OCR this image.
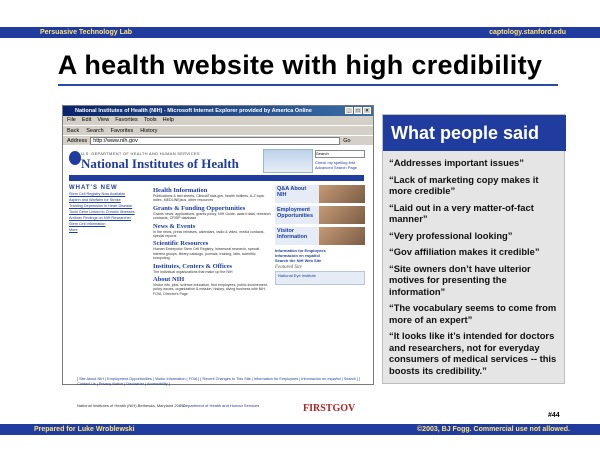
Persuasive Technology Lab	captology.stanford.edu
A health website with high credibility
National Institutes of Health (NIH) - Microsoft Internet Explorer provided by America Online	_	□	×
File Edit View Favorites Tools Help
Back Search Favorites History
Address	http://www.nih.gov	Go
U.S. DEPARTMENT OF HEALTH AND HUMAN SERVICES
National Institutes of Health
Search
Check my spelling first
Advanced Search Page
WHAT'S NEW
Stem Cell Registry Now Available
Aspirin and Warfarin for Stroke
Treating Depression in Heart Disease
Toxin Gene Linked to Chronic Illnesses
Anthrax Findings on NIH Researcher
Stem Cell Information
More
Health Information
Publications & fact sheets, ClinicalTrials.gov, health hotlines, A-Z topic index, MEDLINEplus, other resources
Grants & Funding Opportunities
Grants news, applications, grants policy, NIH Guide, award data, research contracts, CRISP database
News & Events
In the news, press releases, calendars, radio & video, media contacts, special reports
Scientific Resources
Human Embryonic Stem Cell Registry, intramural research, special interest groups, library catalogs, journals, training, labs, scientific computing
Institutes, Centers & Offices
The individual organizations that make up the NIH
About NIH
Visitor info, jobs, science education, find employees, public involvement, policy issues, organization & mission, history, diving business with NIH, FOIA, Director's Page
Q&A About NIH
Employment Opportunities
Visitor Information
Information for Employees
Información en español
Search the NIH Web Site
Featured Site
National Eye Institute
[ Site About NIH | Employment Opportunities | Visitor Information | FOIA ] [ Recent Changes to This Site | Information for Employees | Información en español | Search ] [ Contact Us | Privacy Notice | Disclaimer | Accessibility ]
National Institutes of Health (NIH) Bethesda, Maryland 20892
Department of Health and Human Services	FIRSTGOV
What people said
“Addresses important issues”
“Lack of marketing copy makes it more credible”
“Laid out in a very matter-of-fact manner”
“Very professional looking”
“Gov affiliation makes it credible”
“Site owners don’t have ulterior motives for presenting the information”
“The vocabulary seems to come from more of an expert”
“It looks like it’s intended for doctors and researchers, not for everyday consumers of medical services -- this boosts its credibility.”
#44
Prepared for Luke Wroblewski	©2003, BJ Fogg. Commercial use not allowed.
